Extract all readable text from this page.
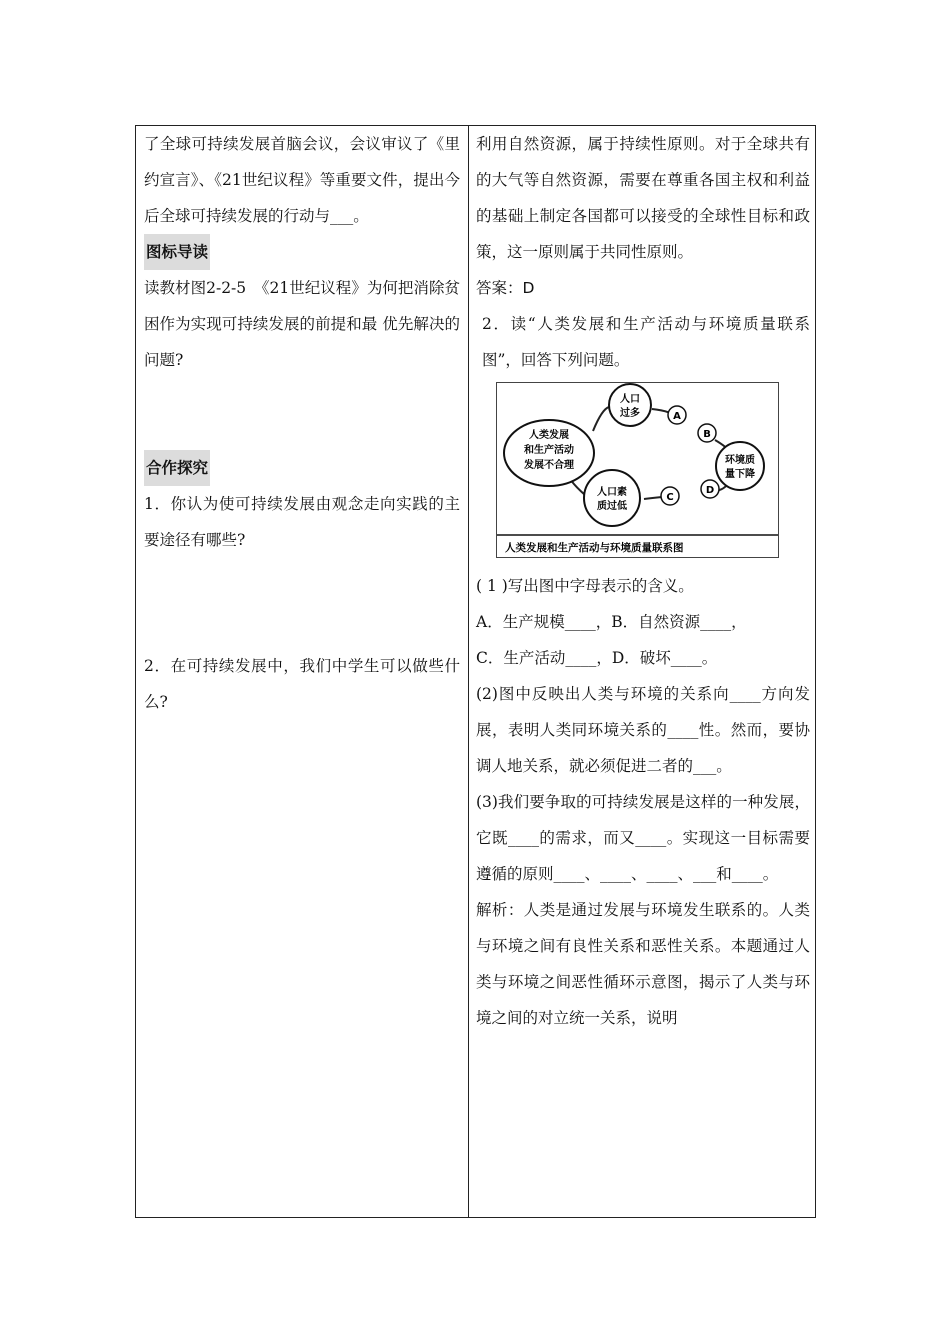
了全球可持续发展首脑会议，会议审议了《里约宣言》、《21世纪议程》等重要文件，提出今后全球可持续发展的行动与___。

图标导读

读教材图2-2-5　《21世纪议程》为何把消除贫困作为实现可持续发展的前提和最 优先解决的问题?

合作探究

1．你认为使可持续发展由观念走向实践的主要途径有哪些?

2．在可持续发展中，我们中学生可以做些什么?

利用自然资源，属于持续性原则。对于全球共有的大气等自然资源，需要在尊重各国主权和利益的基础上制定各国都可以接受的全球性目标和政策，这一原则属于共同性原则。

答案：D

2．读“人类发展和生产活动与环境质量联系图”，回答下列问题。

人类发展
和生产活动
发展不合理
人口
过多
环境质
量下降
人口素
质过低
A
B
D
C
人类发展和生产活动与环境质量联系图

( 1 )写出图中字母表示的含义。

A．生产规模____，B．自然资源____，

C．生产活动____，D．破坏____。

(2)图中反映出人类与环境的关系向____方向发展，表明人类同环境关系的____性。然而，要协调人地关系，就必须促进二者的___。

(3)我们要争取的可持续发展是这样的一种发展，它既____的需求，而又____。实现这一目标需要遵循的原则____、____、____、___和____。

解析：人类是通过发展与环境发生联系的。人类与环境之间有良性关系和恶性关系。本题通过人类与环境之间恶性循环示意图，揭示了人类与环境之间的对立统一关系，说明
